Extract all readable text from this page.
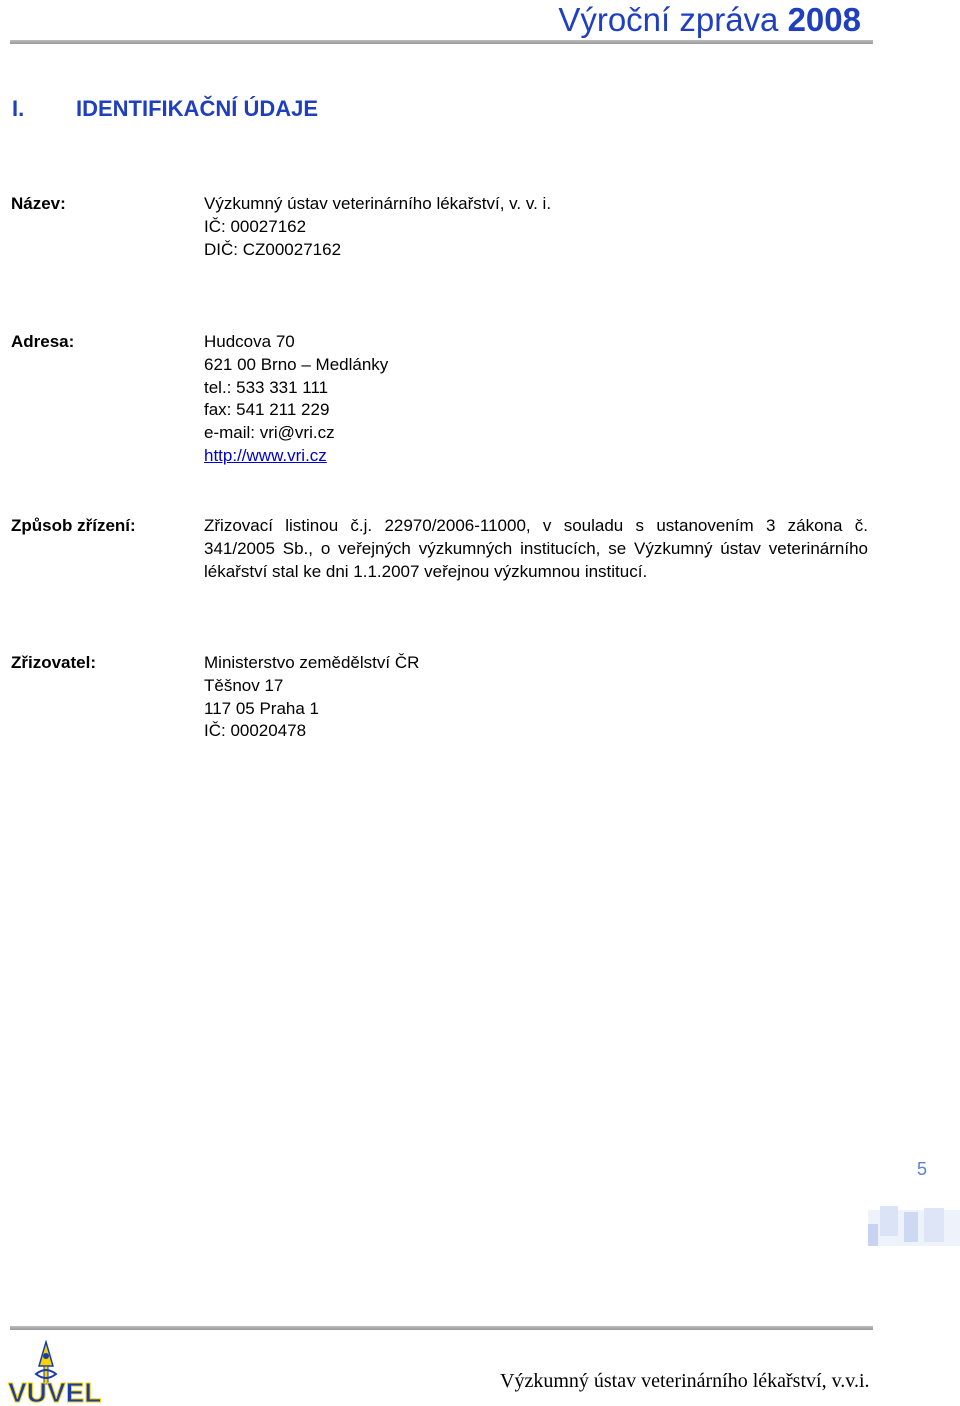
Výroční zpráva 2008
I. IDENTIFIKAČNÍ ÚDAJE
Název:	Výzkumný ústav veterinárního lékařství, v. v. i.
IČ: 00027162
DIČ: CZ00027162
Adresa:	Hudcova 70
621 00 Brno – Medlánky
tel.: 533 331 111
fax: 541 211 229
e-mail: vri@vri.cz
http://www.vri.cz
Způsob zřízení:	Zřizovací listinou č.j. 22970/2006-11000, v souladu s ustanovením 3 zákona č. 341/2005 Sb., o veřejných výzkumných institucích, se Výzkumný ústav veterinárního lékařství stal ke dni 1.1.2007 veřejnou výzkumnou institucí.
Zřizovatel:	Ministerstvo zemědělství ČR
Těšnov 17
117 05 Praha 1
IČ: 00020478
5
VUVEL	Výzkumný ústav veterinárního lékařství, v.v.i.
